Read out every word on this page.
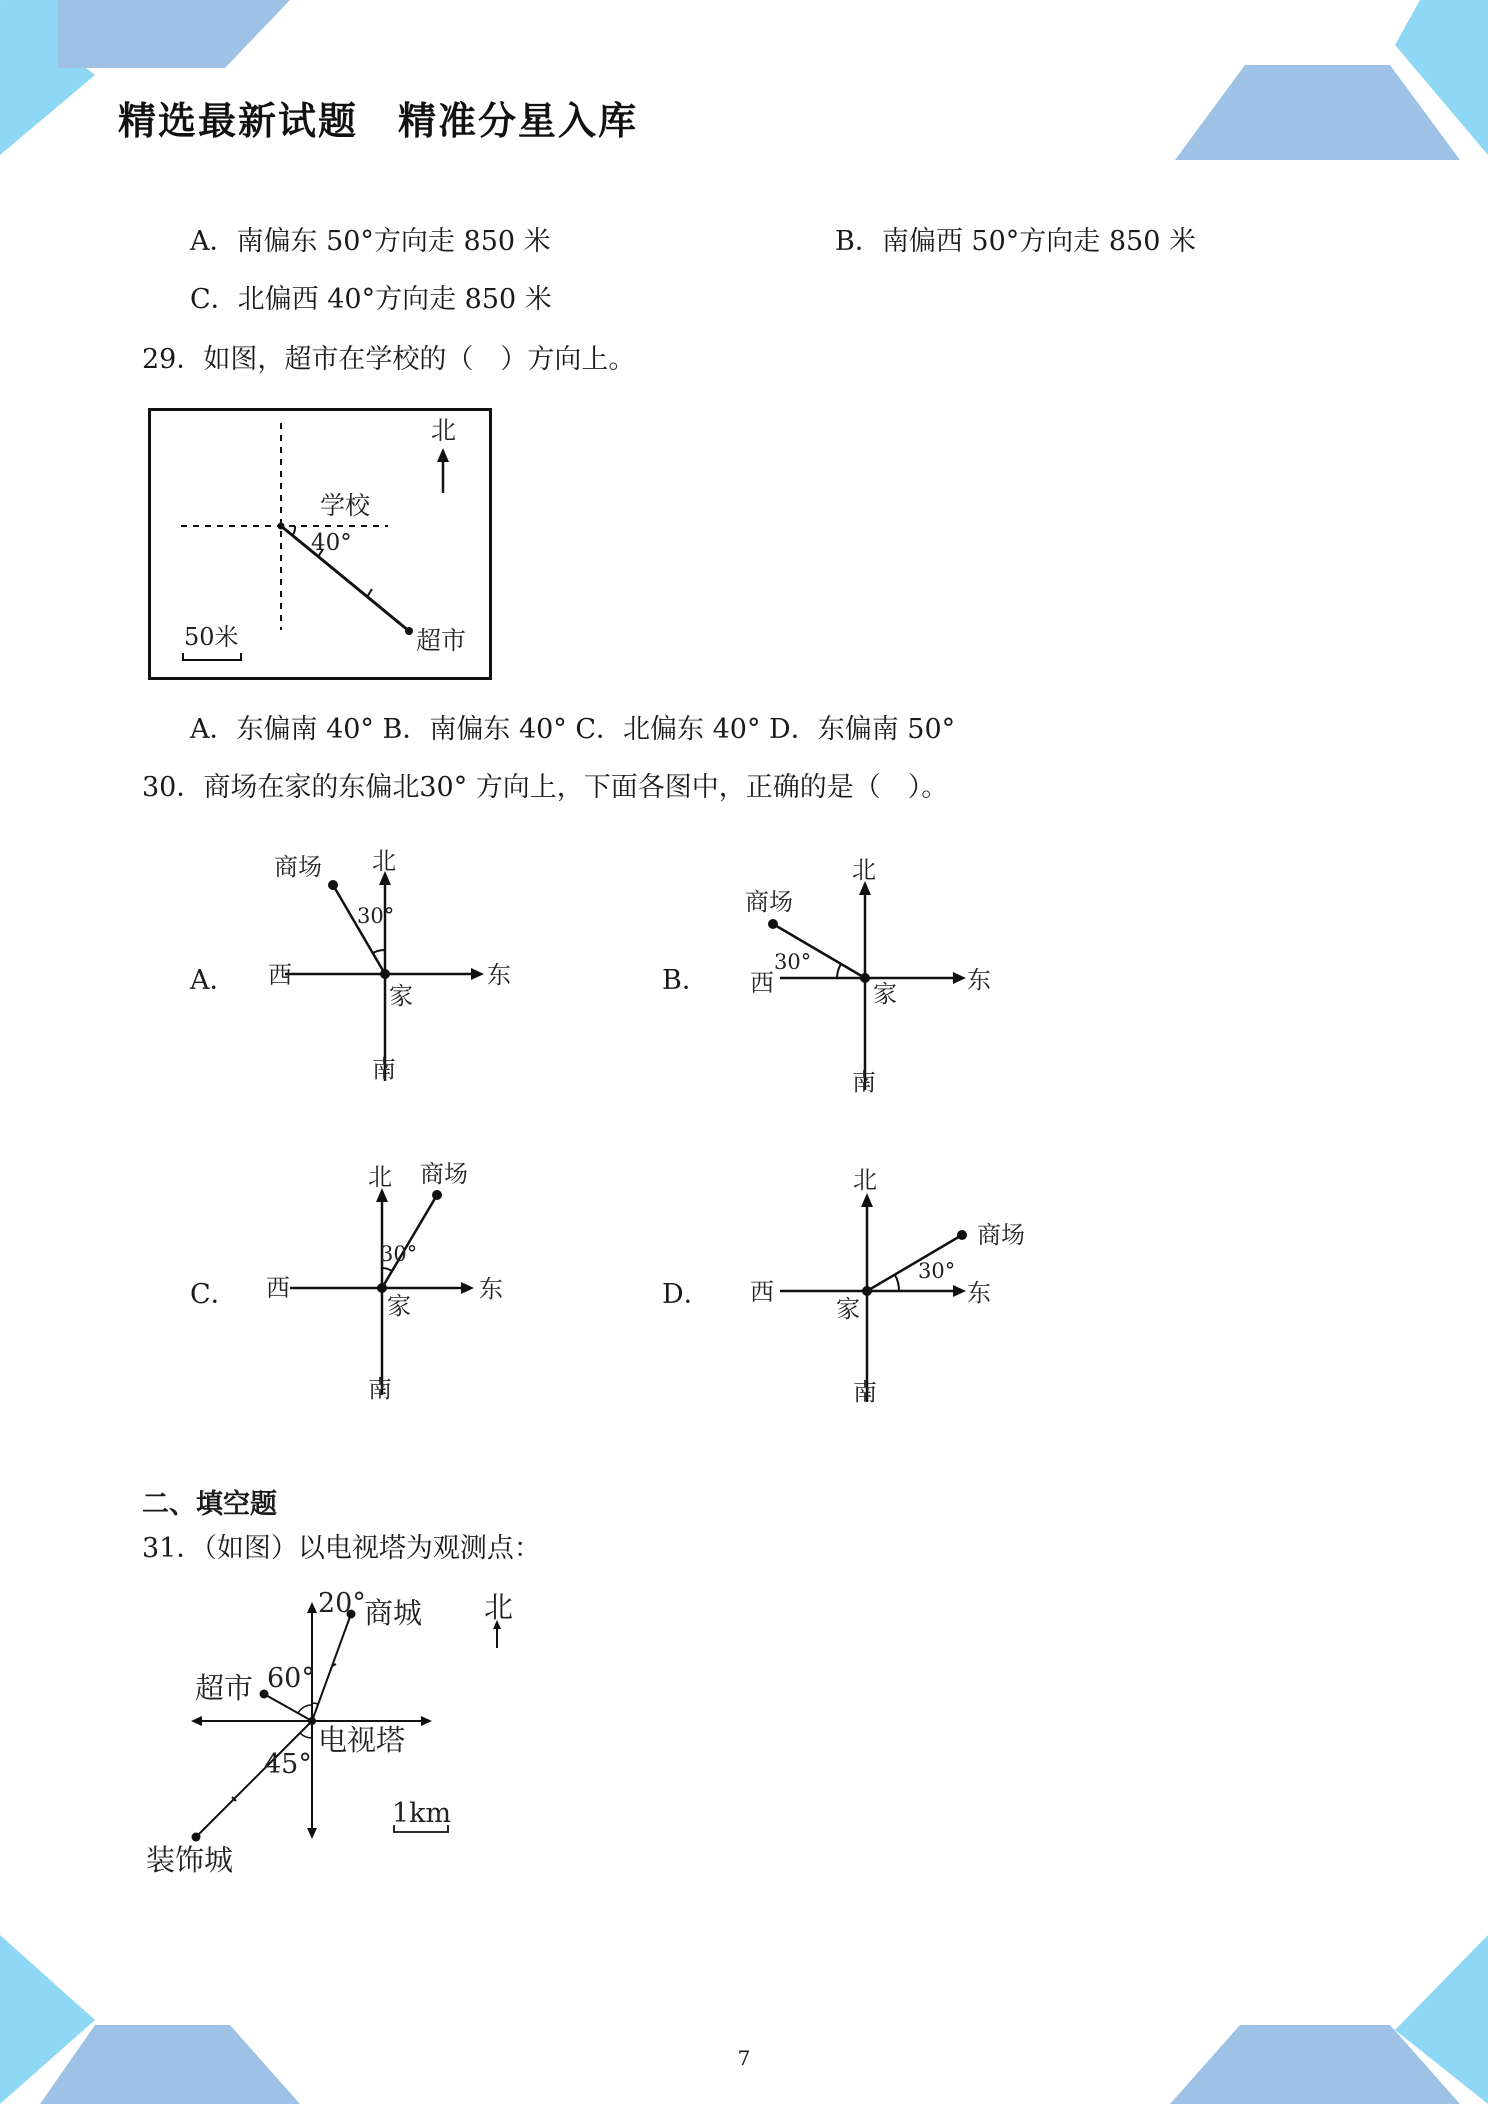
精选最新试题 精准分星入库
A．南偏东 50°方向走 850 米	B．南偏西 50°方向走 850 米
C．北偏西 40°方向走 850 米
29．如图，超市在学校的（　）方向上。
北
学校
40°
超市
50米
A．东偏南 40° B．南偏东 40° C．北偏东 40° D．东偏南 50°
30．商场在家的东偏北30° 方向上，下面各图中，正确的是（　）。
A． 西	东
北
南
家
商场
30°
B． 西	东
北
南
家
商场
30°
C． 西	东
北
南
家
商场
30°
D． 西	东
北
南
家
商场
30°
二、填空题
31．（如图）以电视塔为观测点：
20°
商城 北
60°
超市
电视塔
45°
1km
装饰城
7
